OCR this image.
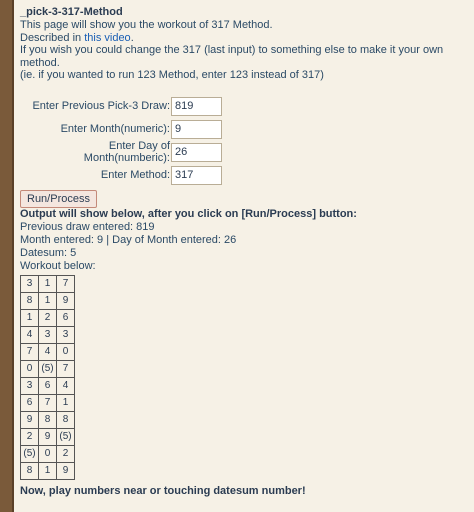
_pick-3-317-Method
This page will show you the workout of 317 Method.
Described in this video.
If you wish you could change the 317 (last input) to something else to make it your own method.
(ie. if you wanted to run 123 Method, enter 123 instead of 317)
Enter Previous Pick-3 Draw:
819
Enter Month(numeric):
9
Enter Day of Month(numberic):
26
Enter Method:
317
Run/Process
Output will show below, after you click on [Run/Process] button:
Previous draw entered: 819
Month entered: 9 | Day of Month entered: 26
Datesum: 5
Workout below:
3	1	7
8	1	9
1	2	6
4	3	3
7	4	0
0	(5)	7
3	6	4
6	7	1
9	8	8
2	9	(5)
(5)	0	2
8	1	9
Now, play numbers near or touching datesum number!
